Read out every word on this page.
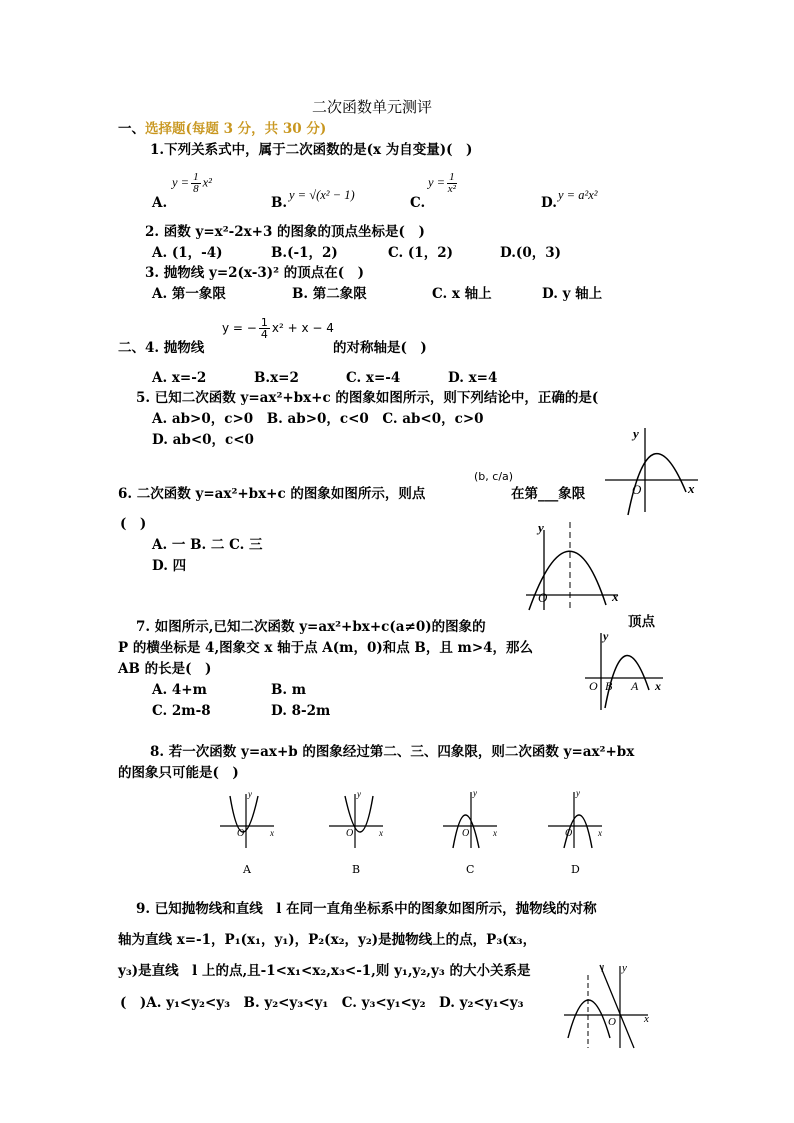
二次函数单元测评
一、选择题(每题 3 分，共 30 分)
1.下列关系式中，属于二次函数的是(x 为自变量)(　)
A.
$y = \frac{1}{8} x^2$
B. y = √(x² − 1)	C.
$y = \frac{1}{\text{x²}}$
D. y = a²x²
2. 函数 y=x²-2x+3 的图象的顶点坐标是(　)
A. (1，-4)	B.(-1，2)	C. (1，2)	D.(0，3)
3. 抛物线 y=2(x-3)² 的顶点在(　)
A. 第一象限	B. 第二象限	C. x 轴上	D. y 轴上
二、4. 抛物线
y = − $\frac{1}{4} x^2 + x - 4$
的对称轴是(　)
A. x=-2	B.x=2	C. x=-4	D. x=4
5. 已知二次函数 y=ax²+bx+c 的图象如图所示，则下列结论中，正确的是(
A. ab>0，c>0　B. ab>0，c<0　C. ab<0，c>0
D. ab<0，c<0	y
x
O
6. 二次函数 y=ax²+bx+c 的图象如图所示，则点
(b, c/a)
在第___象限
(　)
A. 一 B. 二 C. 三
D. 四
y
x
O
7. 如图所示,已知二次函数 y=ax²+bx+c(a≠0)的图象的	顶点
P 的横坐标是 4,图象交 x 轴于点 A(m，0)和点 B，且 m>4，那么
AB 的长是(　)
A. 4+m	B. m
C. 2m-8	D. 8-2m
y
x
O B A
8. 若一次函数 y=ax+b 的图象经过第二、三、四象限，则二次函数 y=ax²+bx
的图象只可能是(　)
y
x
O
A
y
x
O
B
y
x
O
C
y
x
O
D
9. 已知抛物线和直线　l 在同一直角坐标系中的图象如图所示，抛物线的对称
轴为直线 x=-1，P₁(x₁，y₁)，P₂(x₂，y₂)是抛物线上的点，P₃(x₃，
y₃)是直线　l 上的点,且-1<x₁<x₂,x₃<-1,则 y₁,y₂,y₃ 的大小关系是
(　)A. y₁<y₂<y₃　B. y₂<y₃<y₁　C. y₃<y₁<y₂　D. y₂<y₁<y₃
l y
x
O
